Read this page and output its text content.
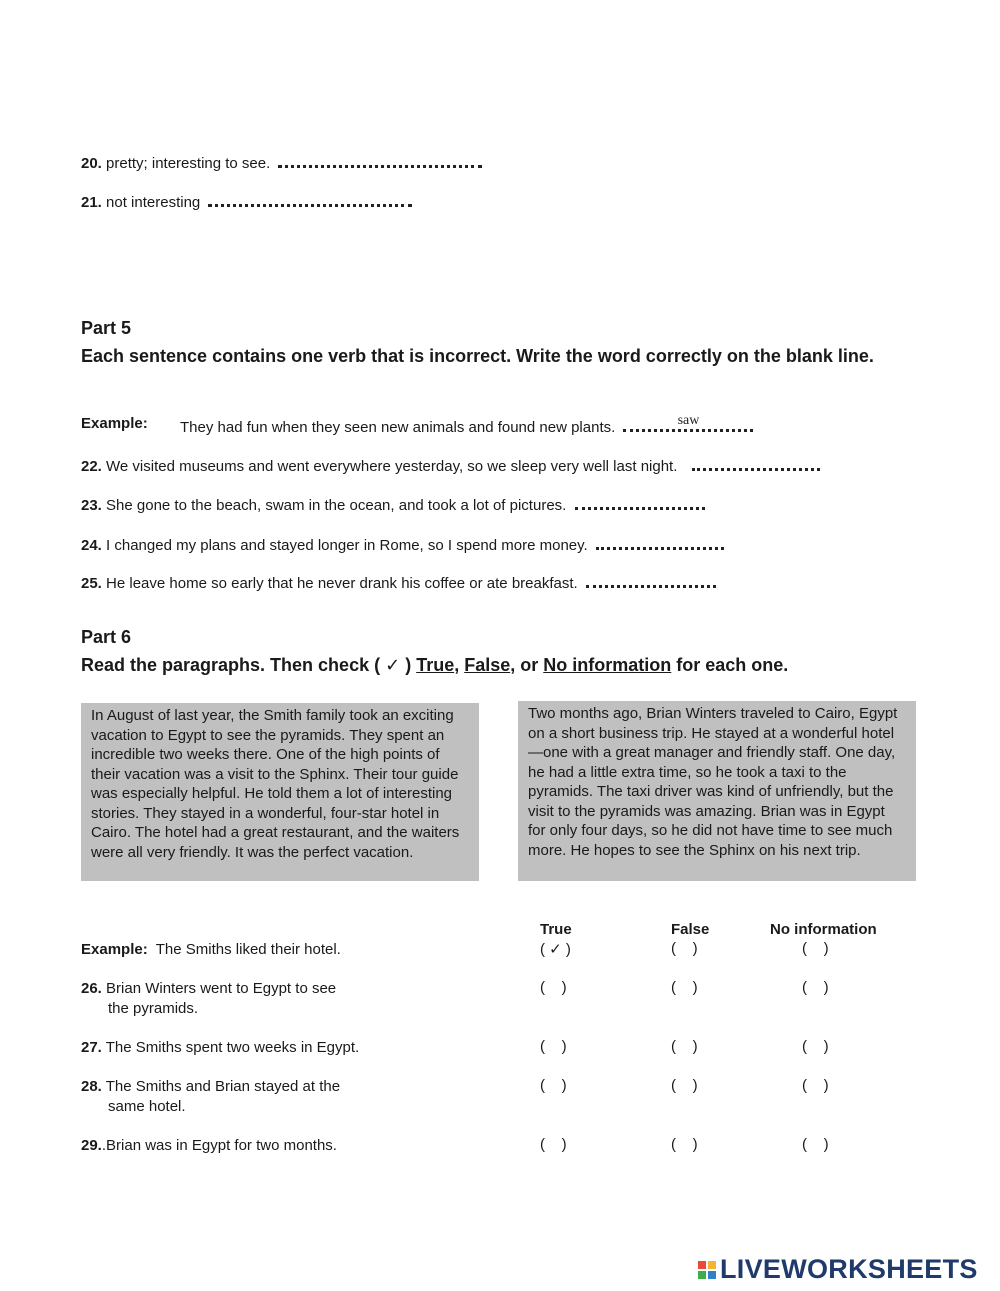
20. pretty; interesting to see.
21. not interesting
Part 5
Each sentence contains one verb that is incorrect. Write the word correctly on the blank line.
Example: They had fun when they seen new animals and found new plants.	saw
22. We visited museums and went everywhere yesterday, so we sleep very well last night.
23. She gone to the beach, swam in the ocean, and took a lot of pictures.
24. I changed my plans and stayed longer in Rome, so I spend more money.
25. He leave home so early that he never drank his coffee or ate breakfast.
Part 6
Read the paragraphs. Then check ( ✓ ) True, False, or No information for each one.
In August of last year, the Smith family took an exciting vacation to Egypt to see the pyramids. They spent an incredible two weeks there. One of the high points of their vacation was a visit to the Sphinx. Their tour guide was especially helpful. He told them a lot of interesting stories. They stayed in a wonderful, four-star hotel in Cairo. The hotel had a great restaurant, and the waiters were all very friendly. It was the perfect vacation.
Two months ago, Brian Winters traveled to Cairo, Egypt on a short business trip. He stayed at a wonderful hotel—one with a great manager and friendly staff. One day, he had a little extra time, so he took a taxi to the pyramids. The taxi driver was kind of unfriendly, but the visit to the pyramids was amazing. Brian was in Egypt for only four days, so he did not have time to see much more. He hopes to see the Sphinx on his next trip.
True	False	No information
Example:  The Smiths liked their hotel.	( ✓ )	(    )	(    )
26. Brian Winters went to Egypt to see
the pyramids.
(    )	(    )	(    )
27. The Smiths spent two weeks in Egypt.	(    )	(    )	(    )
28. The Smiths and Brian stayed at the
same hotel.
(    )	(    )	(    )
29..Brian was in Egypt for two months.	(    )	(    )	(    )
LIVEWORKSHEETS
